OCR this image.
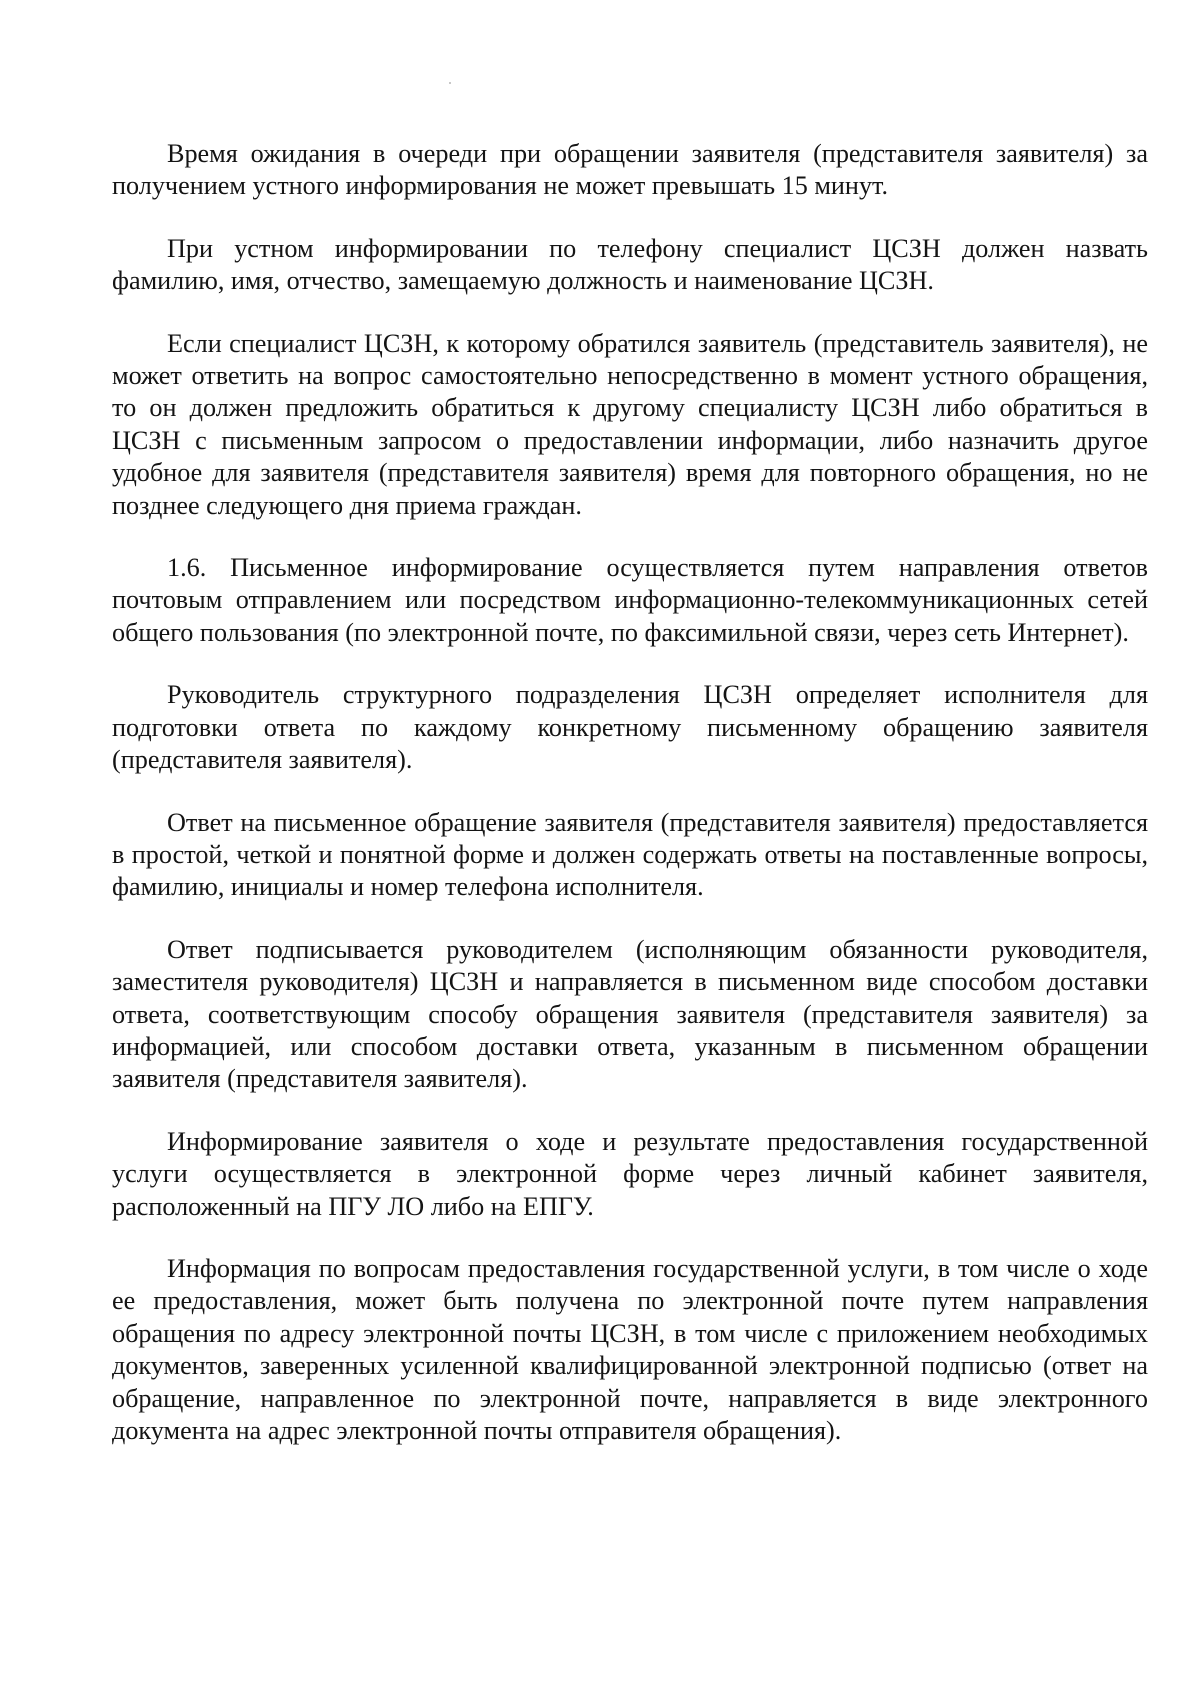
Время ожидания в очереди при обращении заявителя (представителя заявителя) за получением устного информирования не может превышать 15 минут.

При устном информировании по телефону специалист ЦСЗН должен назвать фамилию, имя, отчество, замещаемую должность и наименование ЦСЗН.

Если специалист ЦСЗН, к которому обратился заявитель (представитель заявителя), не может ответить на вопрос самостоятельно непосредственно в момент устного обращения, то он должен предложить обратиться к другому специалисту ЦСЗН либо обратиться в ЦСЗН с письменным запросом о предоставлении информации, либо назначить другое удобное для заявителя (представителя заявителя) время для повторного обращения, но не позднее следующего дня приема граждан.

1.6. Письменное информирование осуществляется путем направления ответов почтовым отправлением или посредством информационно-телекоммуникационных сетей общего пользования (по электронной почте, по факсимильной связи, через сеть Интернет).

Руководитель структурного подразделения ЦСЗН определяет исполнителя для подготовки ответа по каждому конкретному письменному обращению заявителя (представителя заявителя).

Ответ на письменное обращение заявителя (представителя заявителя) предоставляется в простой, четкой и понятной форме и должен содержать ответы на поставленные вопросы, фамилию, инициалы и номер телефона исполнителя.

Ответ подписывается руководителем (исполняющим обязанности руководителя, заместителя руководителя) ЦСЗН и направляется в письменном виде способом доставки ответа, соответствующим способу обращения заявителя (представителя заявителя) за информацией, или способом доставки ответа, указанным в письменном обращении заявителя (представителя заявителя).

Информирование заявителя о ходе и результате предоставления государственной услуги осуществляется в электронной форме через личный кабинет заявителя, расположенный на ПГУ ЛО либо на ЕПГУ.

Информация по вопросам предоставления государственной услуги, в том числе о ходе ее предоставления, может быть получена по электронной почте путем направления обращения по адресу электронной почты ЦСЗН, в том числе с приложением необходимых документов, заверенных усиленной квалифицированной электронной подписью (ответ на обращение, направленное по электронной почте, направляется в виде электронного документа на адрес электронной почты отправителя обращения).
